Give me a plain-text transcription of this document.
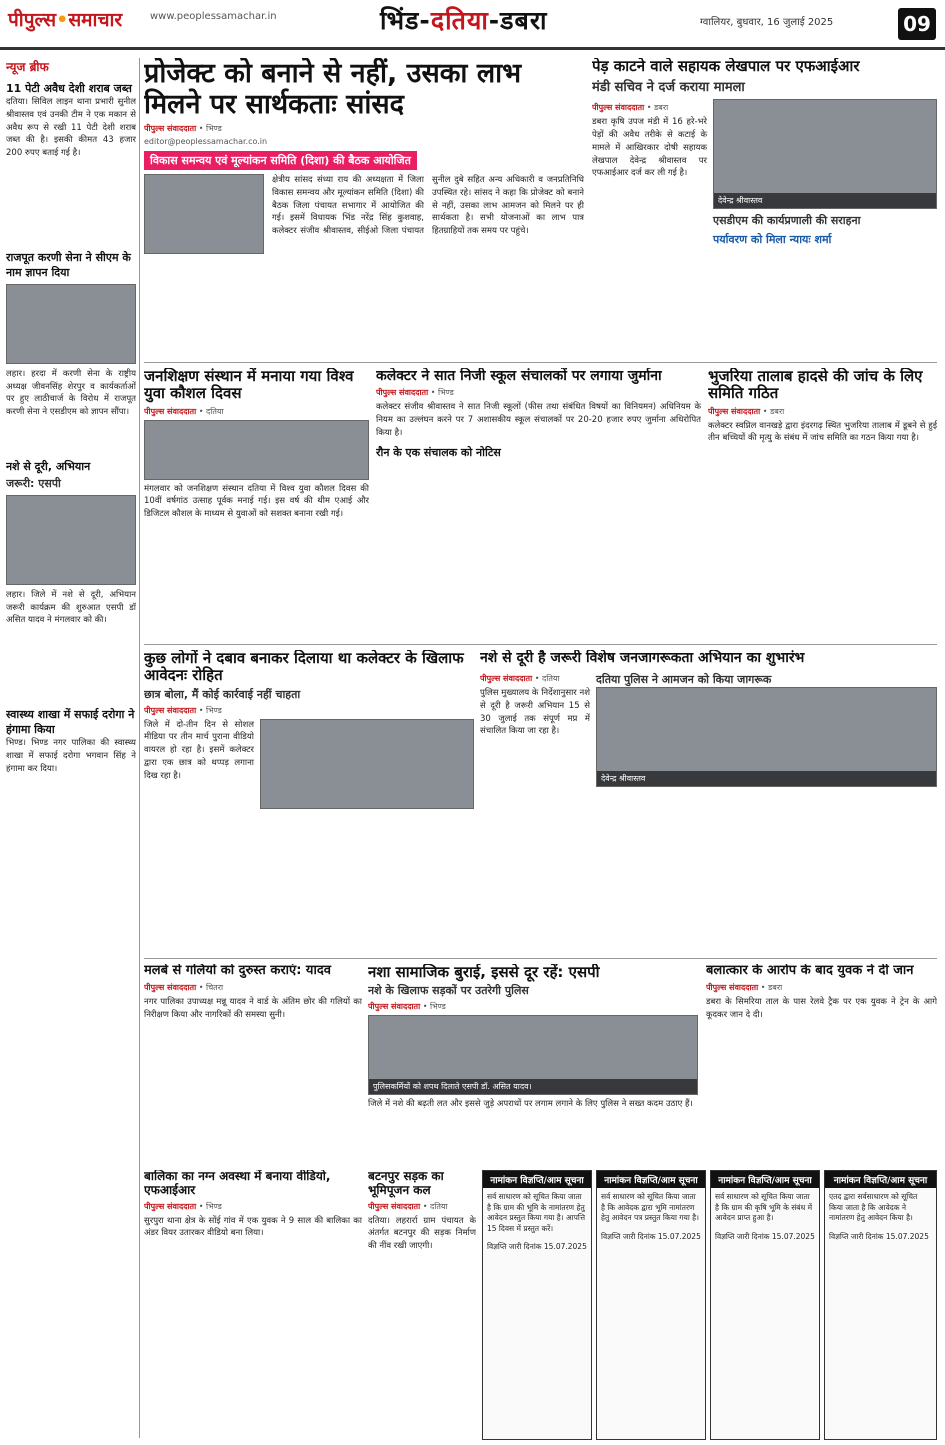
पीपुल्स•समाचार	www.peoplessamachar.in	भिंड-दतिया-डबरा	ग्वालियर, बुधवार, 16 जुलाई 2025	09
न्यूज ब्रीफ
11 पेटी अवैध देशी शराब जब्त
दतिया। सिविल लाइन थाना प्रभारी सुनील श्रीवास्तव एवं उनकी टीम ने एक मकान से अवैध रूप से रखी 11 पेटी देशी शराब जब्त की है। इसकी कीमत 43 हजार 200 रुपए बताई गई है।
राजपूत करणी सेना ने सीएम के नाम ज्ञापन दिया
लहार। हरदा में करणी सेना के राष्ट्रीय अध्यक्ष जीवनसिंह शेरपुर व कार्यकर्ताओं पर हुए लाठीचार्ज के विरोध में राजपूत करणी सेना ने एसडीएम को ज्ञापन सौंपा।
नशे से दूरी, अभियान
जरूरी: एसपी
लहार। जिले में नशे से दूरी, अभियान जरूरी कार्यक्रम की शुरुआत एसपी डॉ असित यादव ने मंगलवार को की।
स्वास्थ्य शाखा में सफाई दरोगा ने हंगामा किया
भिण्ड। भिण्ड नगर पालिका की स्वास्थ्य शाखा में सफाई दरोगा भगवान सिंह ने हंगामा कर दिया।
प्रोजेक्ट को बनाने से नहीं, उसका लाभ मिलने पर सार्थकताः सांसद
पीपुल्स संवाददाता • भिण्ड
editor@peoplessamachar.co.in
विकास समन्वय एवं मूल्यांकन समिति (दिशा) की बैठक आयोजित
क्षेत्रीय सांसद संध्या राय की अध्यक्षता में जिला विकास समन्वय और मूल्यांकन समिति (दिशा) की बैठक जिला पंचायत सभागार में आयोजित की गई। इसमें विधायक भिंड नरेंद्र सिंह कुशवाह, कलेक्टर संजीव श्रीवास्तव, सीईओ जिला पंचायत सुनील दुबे सहित अन्य अधिकारी व जनप्रतिनिधि उपस्थित रहे। सांसद ने कहा कि प्रोजेक्ट को बनाने से नहीं, उसका लाभ आमजन को मिलने पर ही सार्थकता है। सभी योजनाओं का लाभ पात्र हितग्राहियों तक समय पर पहुंचे।
पेड़ काटने वाले सहायक लेखपाल पर एफआईआर
मंडी सचिव ने दर्ज कराया मामला
पीपुल्स संवाददाता • डबरा
डबरा कृषि उपज मंडी में 16 हरे-भरे पेड़ों की अवैध तरीके से कटाई के मामले में आखिरकार दोषी सहायक लेखपाल देवेन्द्र श्रीवास्तव पर एफआईआर दर्ज कर ली गई है।
देवेन्द्र श्रीवास्तव
एसडीएम की कार्यप्रणाली की सराहना
पर्यावरण को मिला न्यायः शर्मा
जनशिक्षण संस्थान में मनाया गया विश्व युवा कौशल दिवस
पीपुल्स संवाददाता • दतिया
मंगलवार को जनशिक्षण संस्थान दतिया में विश्व युवा कौशल दिवस की 10वीं वर्षगांठ उत्साह पूर्वक मनाई गई। इस वर्ष की थीम एआई और डिजिटल कौशल के माध्यम से युवाओं को सशक्त बनाना रखी गई।
कलेक्टर ने सात निजी स्कूल संचालकों पर लगाया जुर्माना
पीपुल्स संवाददाता • भिण्ड
कलेक्टर संजीव श्रीवास्तव ने सात निजी स्कूलों (फीस तथा संबंधित विषयों का विनियमन) अधिनियम के नियम का उल्लंघन करने पर 7 अशासकीय स्कूल संचालकों पर 20-20 हजार रुपए जुर्माना अधिरोपित किया है।
रौन के एक संचालक को नोटिस
भुजरिया तालाब हादसे की जांच के लिए समिति गठित
पीपुल्स संवाददाता • डबरा
कलेक्टर स्वप्निल वानखड़े द्वारा इंदरगढ़ स्थित भुजरिया तालाब में डूबने से हुई तीन बच्चियों की मृत्यु के संबंध में जांच समिति का गठन किया गया है।
कुछ लोगों ने दबाव बनाकर दिलाया था कलेक्टर के खिलाफ आवेदनः रोहित
छात्र बोला, मैं कोई कार्रवाई नहीं चाहता
पीपुल्स संवाददाता • भिण्ड
जिले में दो-तीन दिन से सोशल मीडिया पर तीन मार्च पुराना वीडियो वायरल हो रहा है। इसमें कलेक्टर द्वारा एक छात्र को थप्पड़ लगाना दिख रहा है।
नशे से दूरी है जरूरी विशेष जनजागरूकता अभियान का शुभारंभ
पीपुल्स संवाददाता • दतिया
पुलिस मुख्यालय के निर्देशानुसार नशे से दूरी है जरूरी अभियान 15 से 30 जुलाई तक संपूर्ण मप्र में संचालित किया जा रहा है।
दतिया पुलिस ने आमजन को किया जागरूक
देवेन्द्र श्रीवास्तव
मलबे से गलियों को दुरुस्त कराएं: यादव
पीपुल्स संवाददाता • चितरा
नगर पालिका उपाध्यक्ष मन्नू यादव ने वार्ड के अंतिम छोर की गलियों का निरीक्षण किया और नागरिकों की समस्या सुनी।
नशा सामाजिक बुराई, इससे दूर रहें: एसपी
नशे के खिलाफ सड़कों पर उतरेगी पुलिस
पीपुल्स संवाददाता • भिण्ड
पुलिसकर्मियों को शपथ दिलाते एसपी डॉ. असित यादव।
जिले में नशे की बढ़ती लत और इससे जुड़े अपराधों पर लगाम लगाने के लिए पुलिस ने सख्त कदम उठाए हैं।
बलात्कार के आरोप के बाद युवक ने दी जान
पीपुल्स संवाददाता • डबरा
डबरा के सिमरिया ताल के पास रेलवे ट्रैक पर एक युवक ने ट्रेन के आगे कूदकर जान दे दी।
बालिका का नग्न अवस्था में बनाया वीडियो, एफआईआर
पीपुल्स संवाददाता • भिण्ड
सुरपुरा थाना क्षेत्र के सोंई गांव में एक युवक ने 9 साल की बालिका का अंडर वियर उतारकर वीडियो बना लिया।
बटनपुर सड़क का भूमिपूजन कल
पीपुल्स संवाददाता • दतिया
दतिया। लहरार्रा ग्राम पंचायत के अंतर्गत बटनपुर की सड़क निर्माण की नींव रखी जाएगी।
नामांकन विज्ञप्ति/आम सूचना
सर्व साधारण को सूचित किया जाता है कि ग्राम की भूमि के नामांतरण हेतु आवेदन प्रस्तुत किया गया है। आपत्ति 15 दिवस में प्रस्तुत करें।
विज्ञप्ति जारी दिनांक 15.07.2025
नामांकन विज्ञप्ति/आम सूचना
सर्व साधारण को सूचित किया जाता है कि आवेदक द्वारा भूमि नामांतरण हेतु आवेदन पत्र प्रस्तुत किया गया है।
विज्ञप्ति जारी दिनांक 15.07.2025
नामांकन विज्ञप्ति/आम सूचना
सर्व साधारण को सूचित किया जाता है कि ग्राम की कृषि भूमि के संबंध में आवेदन प्राप्त हुआ है।
विज्ञप्ति जारी दिनांक 15.07.2025
नामांकन विज्ञप्ति/आम सूचना
एतद द्वारा सर्वसाधारण को सूचित किया जाता है कि आवेदक ने नामांतरण हेतु आवेदन किया है।
विज्ञप्ति जारी दिनांक 15.07.2025
